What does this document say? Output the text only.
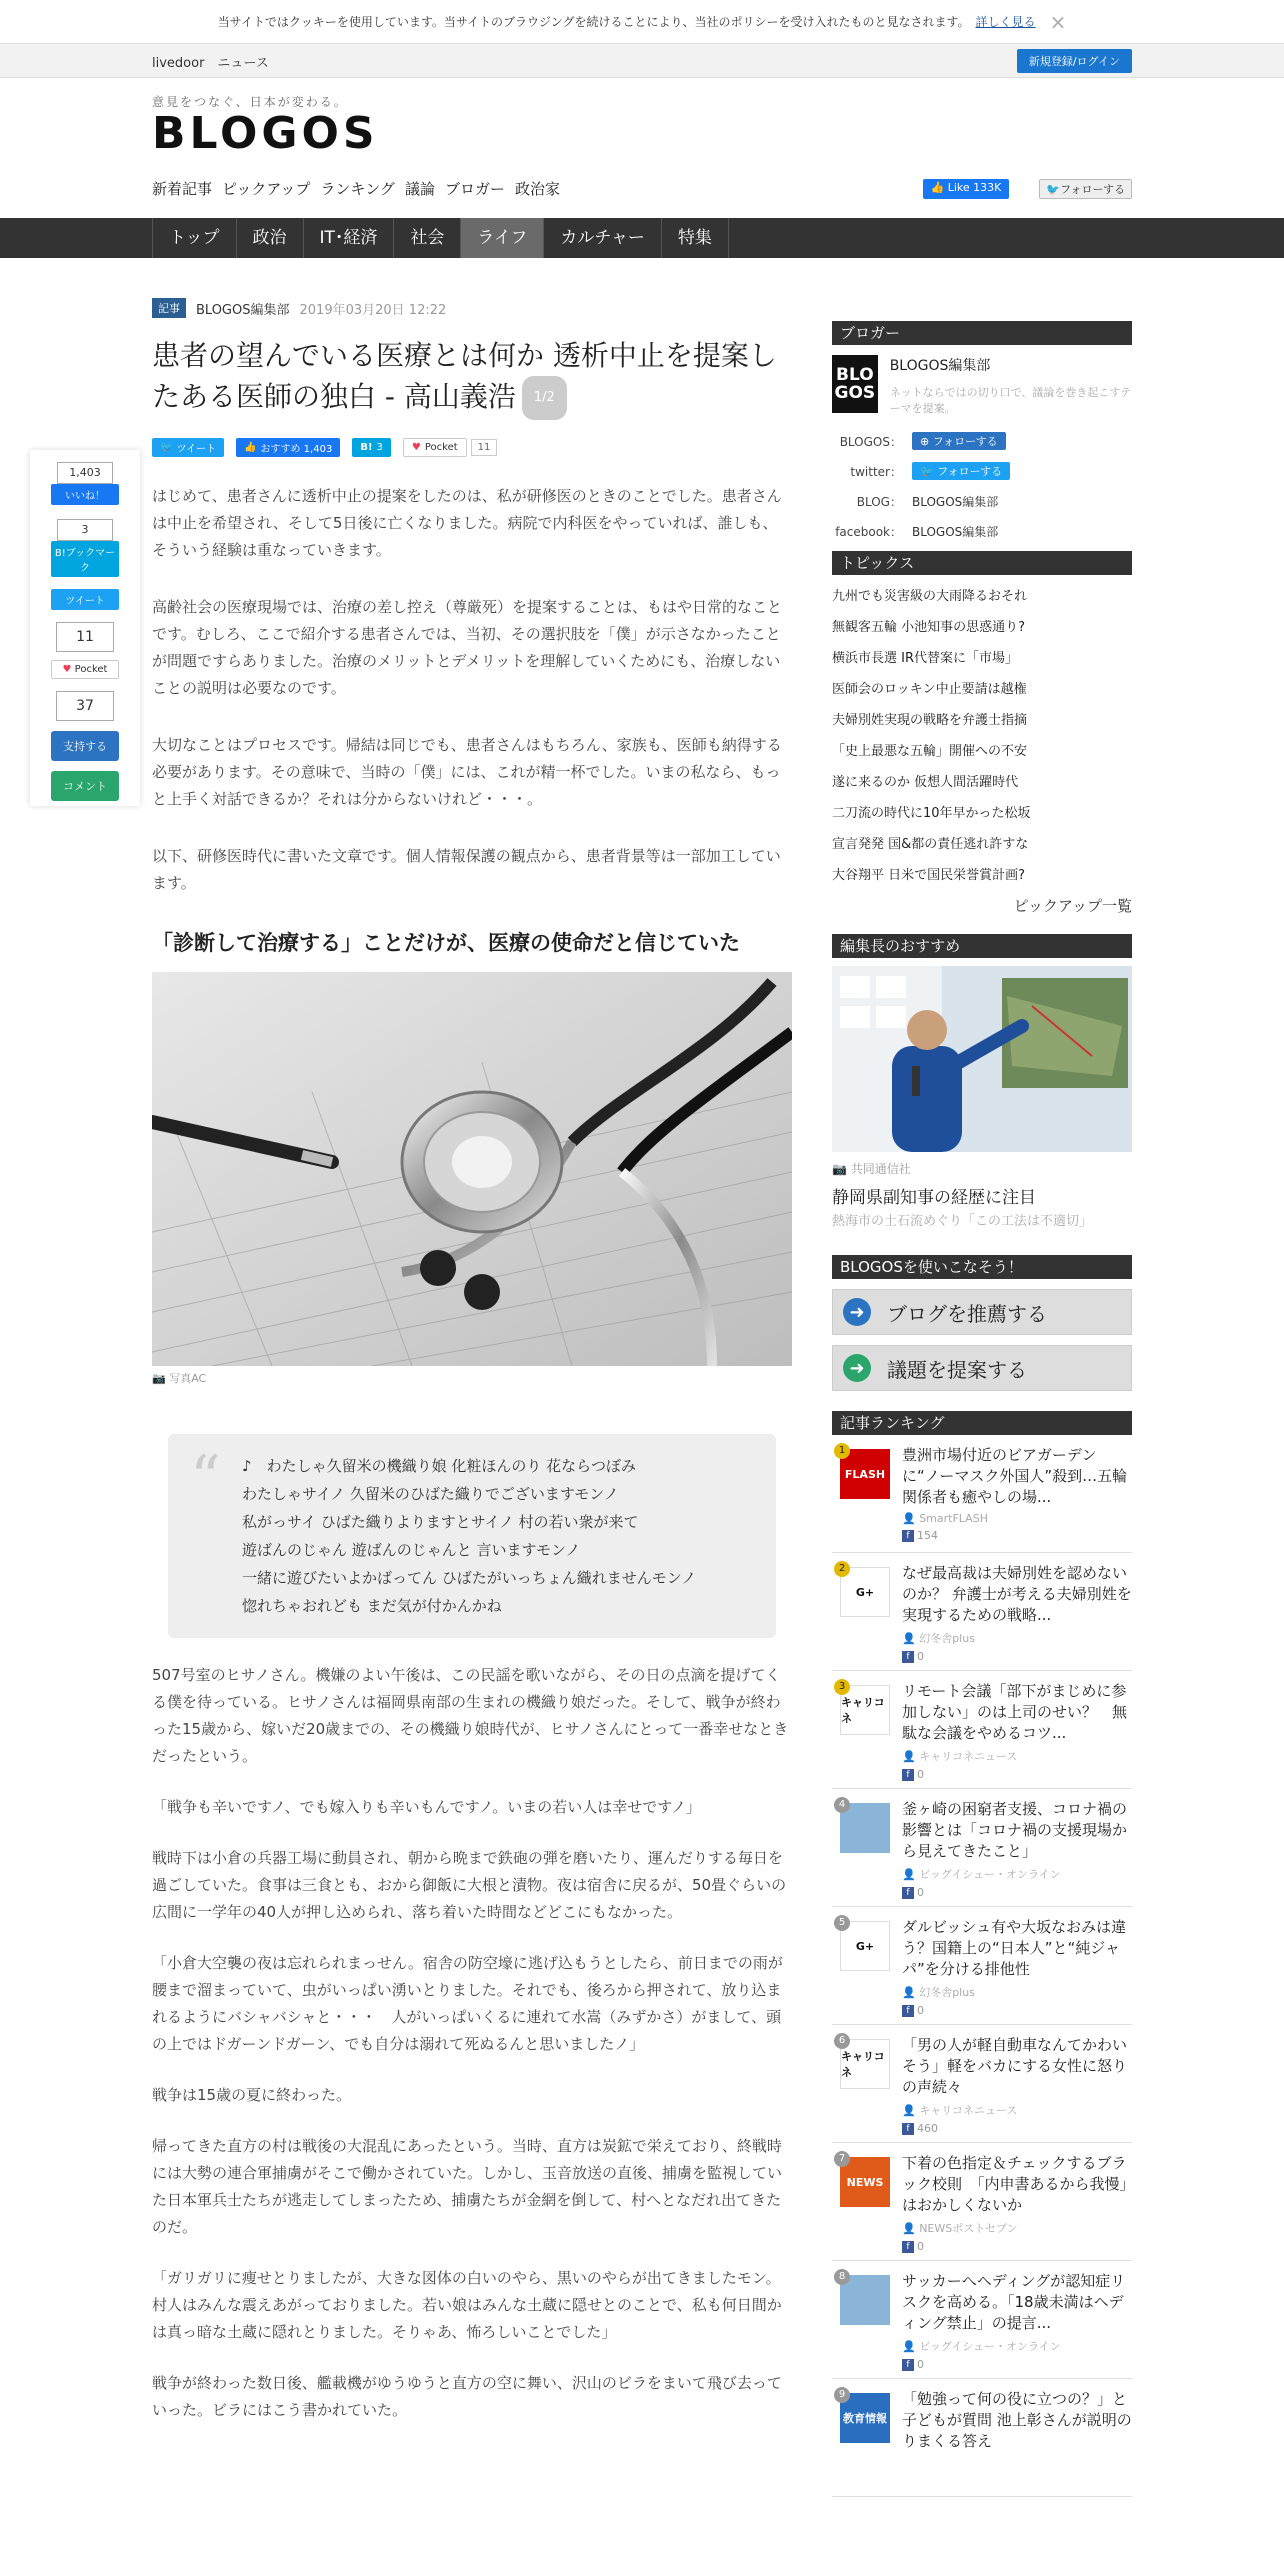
当サイトではクッキーを使用しています。当サイトのブラウジングを続けることにより、当社のポリシーを受け入れたものと見なされます。 詳しく見る ×
livedoor　ニュース	新規登録/ログイン
意見をつなぐ、日本が変わる。
BLOGOS
新着記事 ピックアップ ランキング 議論 ブロガー 政治家	👍 Like 133K	🐦フォローする
トップ	政治	IT･経済	社会	ライフ	カルチャー	特集
1,403
いいね！
3
B!ブックマーク
ツイート
11
♥ Pocket
37
支持する
コメント
記事	BLOGOS編集部 2019年03月20日 12:22
患者の望んでいる医療とは何か 透析中止を提案したある医師の独白 - 高山義浩 1/2
🐦 ツイート	👍 おすすめ 1,403	B! 3	♥ Pocket	11

はじめて、患者さんに透析中止の提案をしたのは、私が研修医のときのことでした。患者さんは中止を希望され、そして5日後に亡くなりました。病院で内科医をやっていれば、誰しも、そういう経験は重なっていきます。

高齢社会の医療現場では、治療の差し控え（尊厳死）を提案することは、もはや日常的なことです。むしろ、ここで紹介する患者さんでは、当初、その選択肢を「僕」が示さなかったことが問題ですらありました。治療のメリットとデメリットを理解していくためにも、治療しないことの説明は必要なのです。

大切なことはプロセスです。帰結は同じでも、患者さんはもちろん、家族も、医師も納得する必要があります。その意味で、当時の「僕」には、これが精一杯でした。いまの私なら、もっと上手く対話できるか？それは分からないけれど・・・。

以下、研修医時代に書いた文章です。個人情報保護の観点から、患者背景等は一部加工しています。

「診断して治療する」ことだけが、医療の使命だと信じていた
📷 写真AC
“ ♪　わたしゃ久留米の機織り娘 化粧ほんのり 花ならつぼみ
わたしゃサイノ 久留米のひばた織りでございますモンノ
私がっサイ ひばた織りよりますとサイノ 村の若い衆が来て
遊ばんのじゃん 遊ばんのじゃんと 言いますモンノ
一緒に遊びたいよかばってん ひばたがいっちょん織れませんモンノ
惚れちゃおれども まだ気が付かんかね

507号室のヒサノさん。機嫌のよい午後は、この民謡を歌いながら、その日の点滴を提げてくる僕を待っている。ヒサノさんは福岡県南部の生まれの機織り娘だった。そして、戦争が終わった15歳から、嫁いだ20歳までの、その機織り娘時代が、ヒサノさんにとって一番幸せなときだったという。

「戦争も辛いですノ、でも嫁入りも辛いもんですノ。いまの若い人は幸せですノ」

戦時下は小倉の兵器工場に動員され、朝から晩まで鉄砲の弾を磨いたり、運んだりする毎日を過ごしていた。食事は三食とも、おから御飯に大根と漬物。夜は宿舎に戻るが、50畳ぐらいの広間に一学年の40人が押し込められ、落ち着いた時間などどこにもなかった。

「小倉大空襲の夜は忘れられまっせん。宿舎の防空壕に逃げ込もうとしたら、前日までの雨が腰まで溜まっていて、虫がいっぱい湧いとりました。それでも、後ろから押されて、放り込まれるようにバシャバシャと・・・　人がいっぱいくるに連れて水嵩（みずかさ）がまして、頭の上ではドガーンドガーン、でも自分は溺れて死ぬるんと思いましたノ」

戦争は15歳の夏に終わった。

帰ってきた直方の村は戦後の大混乱にあったという。当時、直方は炭鉱で栄えており、終戦時には大勢の連合軍捕虜がそこで働かされていた。しかし、玉音放送の直後、捕虜を監視していた日本軍兵士たちが逃走してしまったため、捕虜たちが金網を倒して、村へとなだれ出てきたのだ。

「ガリガリに痩せとりましたが、大きな図体の白いのやら、黒いのやらが出てきましたモン。村人はみんな震えあがっておりました。若い娘はみんな土蔵に隠せとのことで、私も何日間かは真っ暗な土蔵に隠れとりました。そりゃあ、怖ろしいことでした」

戦争が終わった数日後、艦載機がゆうゆうと直方の空に舞い、沢山のビラをまいて飛び去っていった。ビラにはこう書かれていた。

ブロガー
BLOGOS
BLOGOS編集部
ネットならではの切り口で、議論を巻き起こすテーマを提案。
BLOGOS：	⊕ フォローする
twitter：	🐦 フォローする
BLOG： BLOGOS編集部
facebook： BLOGOS編集部
トピックス
九州でも災害級の大雨降るおそれ
無観客五輪 小池知事の思惑通り?
横浜市長選 IR代替案に「市場」
医師会のロッキン中止要請は越権
夫婦別姓実現の戦略を弁護士指摘
「史上最悪な五輪」開催への不安
遂に来るのか 仮想人間活躍時代
二刀流の時代に10年早かった松坂
宣言発発 国&都の責任逃れ許すな
大谷翔平 日米で国民栄誉賞計画?
ピックアップ一覧
編集長のおすすめ
📷 共同通信社
静岡県副知事の経歴に注目
熱海市の土石流めぐり「この工法は不適切」
BLOGOSを使いこなそう！
➜	ブログを推薦する
➜	議題を提案する
記事ランキング
1
FLASH
豊洲市場付近のビアガーデンに“ノーマスク外国人”殺到…五輪関係者も癒やしの場...
👤 SmartFLASH
f 154
2
G+
なぜ最高裁は夫婦別姓を認めないのか？ 弁護士が考える夫婦別姓を実現するための戦略...
👤 幻冬舎plus
f 0
3
キャリコネ
リモート会議「部下がまじめに参加しない」のは上司のせい？　無駄な会議をやめるコツ...
👤 キャリコネニュース
f 0
4	釜ヶ崎の困窮者支援、コロナ禍の影響とは「コロナ禍の支援現場から見えてきたこと」
👤 ビッグイシュー・オンライン
f 0
5
G+
ダルビッシュ有や大坂なおみは違う？国籍上の“日本人”と“純ジャパ”を分ける排他性
👤 幻冬舎plus
f 0
6
キャリコネ
「男の人が軽自動車なんてかわいそう」軽をバカにする女性に怒りの声続々
👤 キャリコネニュース
f 460
7
NEWS
下着の色指定＆チェックするブラック校則　「内申書あるから我慢」はおかしくないか
👤 NEWSポストセブン
f 0
8	サッカーへヘディングが認知症リスクを高める。「18歳未満はヘディング禁止」の提言...
👤 ビッグイシュー・オンライン
f 0
9
教育情報
「勉強って何の役に立つの？」と子どもが質問 池上彰さんが説明のりまくる答え
